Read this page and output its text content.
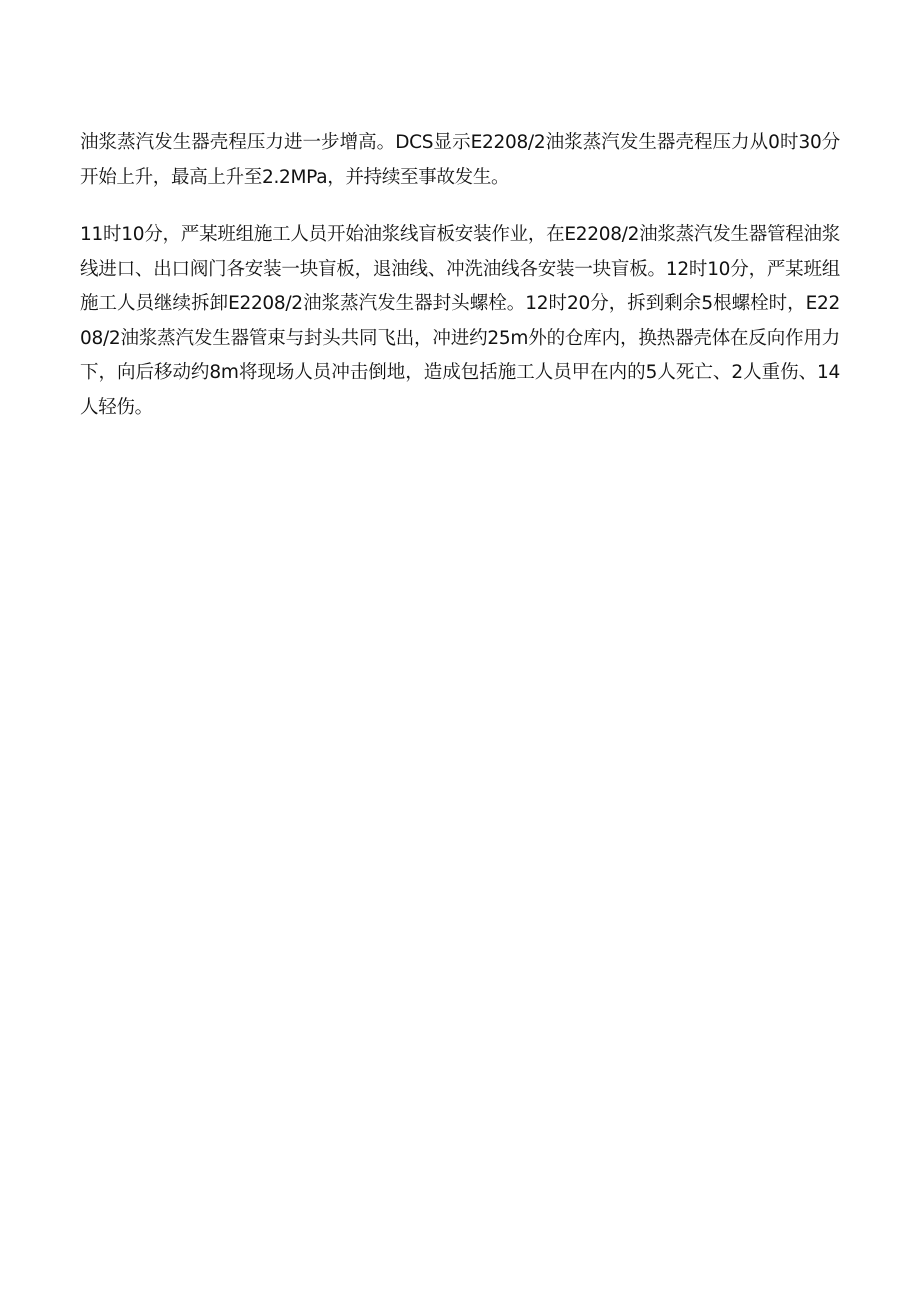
油浆蒸汽发生器壳程压力进一步增高。DCS显示E2208/2油浆蒸汽发生器壳程压力从0时30分开始上升，最高上升至2.2MPa，并持续至事故发生。

11时10分，严某班组施工人员开始油浆线盲板安装作业，在E2208/2油浆蒸汽发生器管程油浆线进口、出口阀门各安装一块盲板，退油线、冲洗油线各安装一块盲板。12时10分，严某班组施工人员继续拆卸E2208/2油浆蒸汽发生器封头螺栓。12时20分，拆到剩余5根螺栓时，E2208/2油浆蒸汽发生器管束与封头共同飞出，冲进约25m外的仓库内，换热器壳体在反向作用力下，向后移动约8m将现场人员冲击倒地，造成包括施工人员甲在内的5人死亡、2人重伤、14人轻伤。
